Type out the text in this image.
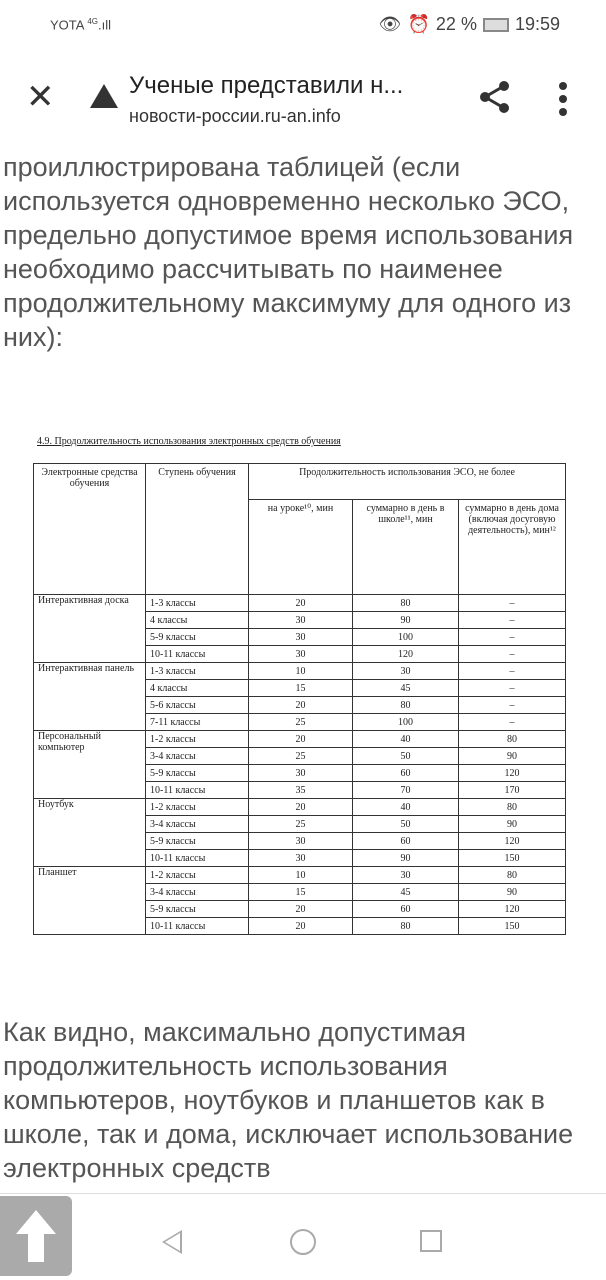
YOTA $^{4G}$.ıll	👁 ⏰ 22 % 19:59
✕	Ученые представили н...
новости-россии.ru-an.info
проиллюстрирована таблицей (если используется одновременно несколько ЭСО, предельно допустимое время использования необходимо рассчитывать по наименее продолжительному максимуму для одного из них):
4.9. Продолжительность использования электронных средств обучения
Электронные средства обучения	Ступень обучения	Продолжительность использования ЭСО, не более		
		на уроке¹⁰, мин	суммарно в день в школе¹¹, мин	суммарно в день дома (включая досуговую деятельность), мин¹²
Интерактивная доска	1-3 классы	20	80	–
	4 классы	30	90	–
	5-9 классы	30	100	–
	10-11 классы	30	120	–
Интерактивная панель	1-3 классы	10	30	–
	4 классы	15	45	–
	5-6 классы	20	80	–
	7-11 классы	25	100	–
Персональный компьютер	1-2 классы	20	40	80
	3-4 классы	25	50	90
	5-9 классы	30	60	120
	10-11 классы	35	70	170
Ноутбук	1-2 классы	20	40	80
	3-4 классы	25	50	90
	5-9 классы	30	60	120
	10-11 классы	30	90	150
Планшет	1-2 классы	10	30	80
	3-4 классы	15	45	90
	5-9 классы	20	60	120
	10-11 классы	20	80	150
Как видно, максимально допустимая продолжительность использования компьютеров, ноутбуков и планшетов как в школе, так и дома, исключает использование электронных средств
